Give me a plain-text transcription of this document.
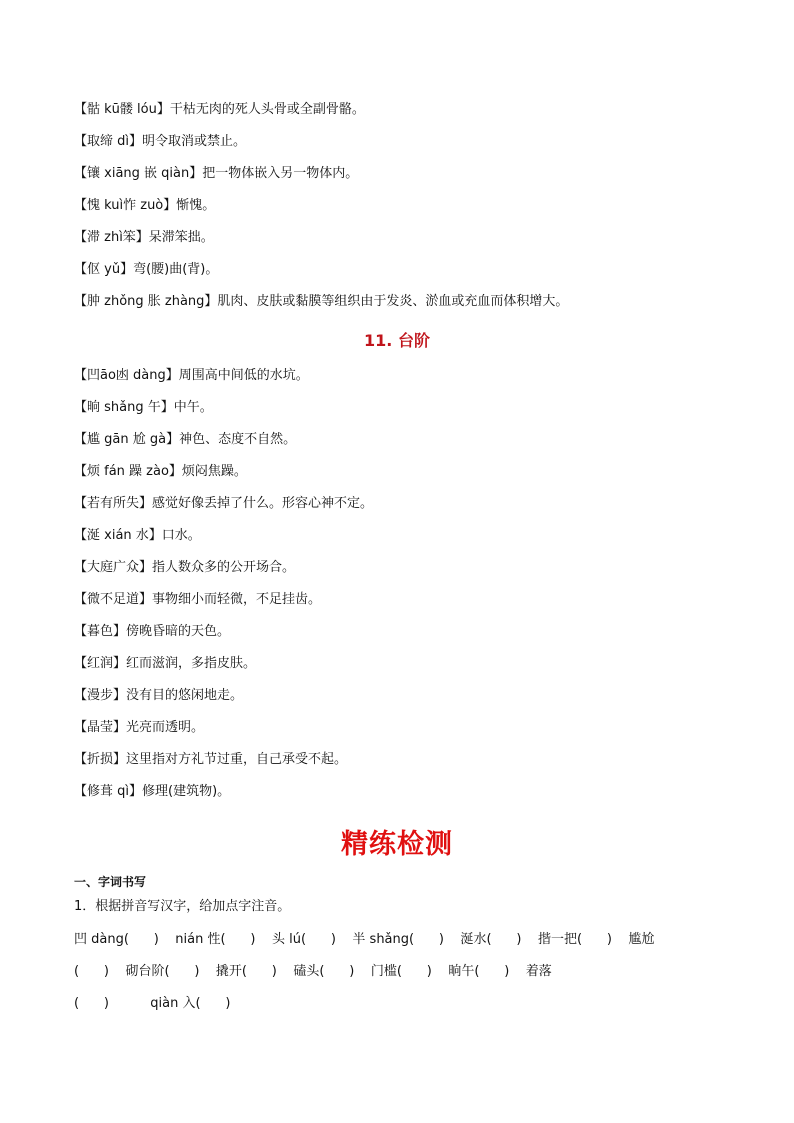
【骷 kū髅 lóu】干枯无肉的死人头骨或全副骨骼。
【取缔 dì】明令取消或禁止。
【镶 xiāng 嵌 qiàn】把一物体嵌入另一物体内。
【愧 kuì怍 zuò】惭愧。
【滞 zhì笨】呆滞笨拙。
【伛 yǔ】弯(腰)曲(背)。
【肿 zhǒng 胀 zhàng】肌肉、皮肤或黏膜等组织由于发炎、淤血或充血而体积增大。
11. 台阶
【凹āo凼 dàng】周围高中间低的水坑。
【晌 shǎng 午】中午。
【尴 gān 尬 gà】神色、态度不自然。
【烦 fán 躁 zào】烦闷焦躁。
【若有所失】感觉好像丢掉了什么。形容心神不定。
【涎 xián 水】口水。
【大庭广众】指人数众多的公开场合。
【微不足道】事物细小而轻微，不足挂齿。
【暮色】傍晚昏暗的天色。
【红润】红而滋润，多指皮肤。
【漫步】没有目的悠闲地走。
【晶莹】光亮而透明。
【折损】这里指对方礼节过重，自己承受不起。
【修葺 qì】修理(建筑物)。
精练检测
一、字词书写
1．根据拼音写汉字，给加点字注音。
凹 dàng(      )    nián 性(      )    头 lú(      )    半 shǎng(      )    涎水(      )    揩一把(      )    尴尬
(      )    砌台阶(      )    撬开(      )    磕头(      )    门槛(      )    晌午(      )    着落
(      )          qiàn 入(      )
